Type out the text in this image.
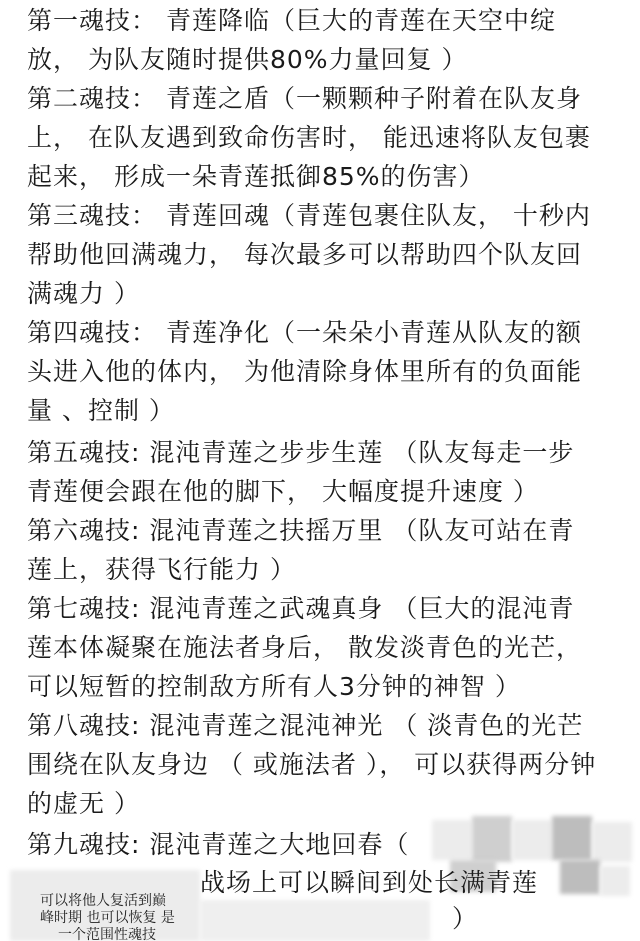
第一魂技： 青莲降临（巨大的青莲在天空中绽
放， 为队友随时提供80%力量回复 ）
第二魂技： 青莲之盾（一颗颗种子附着在队友身
上， 在队友遇到致命伤害时， 能迅速将队友包裹
起来， 形成一朵青莲抵御85%的伤害）
第三魂技： 青莲回魂（青莲包裹住队友， 十秒内
帮助他回满魂力， 每次最多可以帮助四个队友回
满魂力 ）
第四魂技： 青莲净化（一朵朵小青莲从队友的额
头进入他的体内， 为他清除身体里所有的负面能
量 、控制 ）
第五魂技: 混沌青莲之步步生莲 （队友每走一步
青莲便会跟在他的脚下， 大幅度提升速度 ）
第六魂技: 混沌青莲之扶摇万里 （队友可站在青
莲上，获得飞行能力 ）
第七魂技: 混沌青莲之武魂真身 （巨大的混沌青
莲本体凝聚在施法者身后， 散发淡青色的光芒，
可以短暂的控制敌方所有人3分钟的神智 ）
第八魂技: 混沌青莲之混沌神光 （ 淡青色的光芒
围绕在队友身边 （ 或施法者 ）， 可以获得两分钟
的虚无 ）
第九魂技: 混沌青莲之大地回春（
战场上可以瞬间到处长满青莲
）
可以将他人复活到巅
峰时期 也可以恢复 是
一个范围性魂技
